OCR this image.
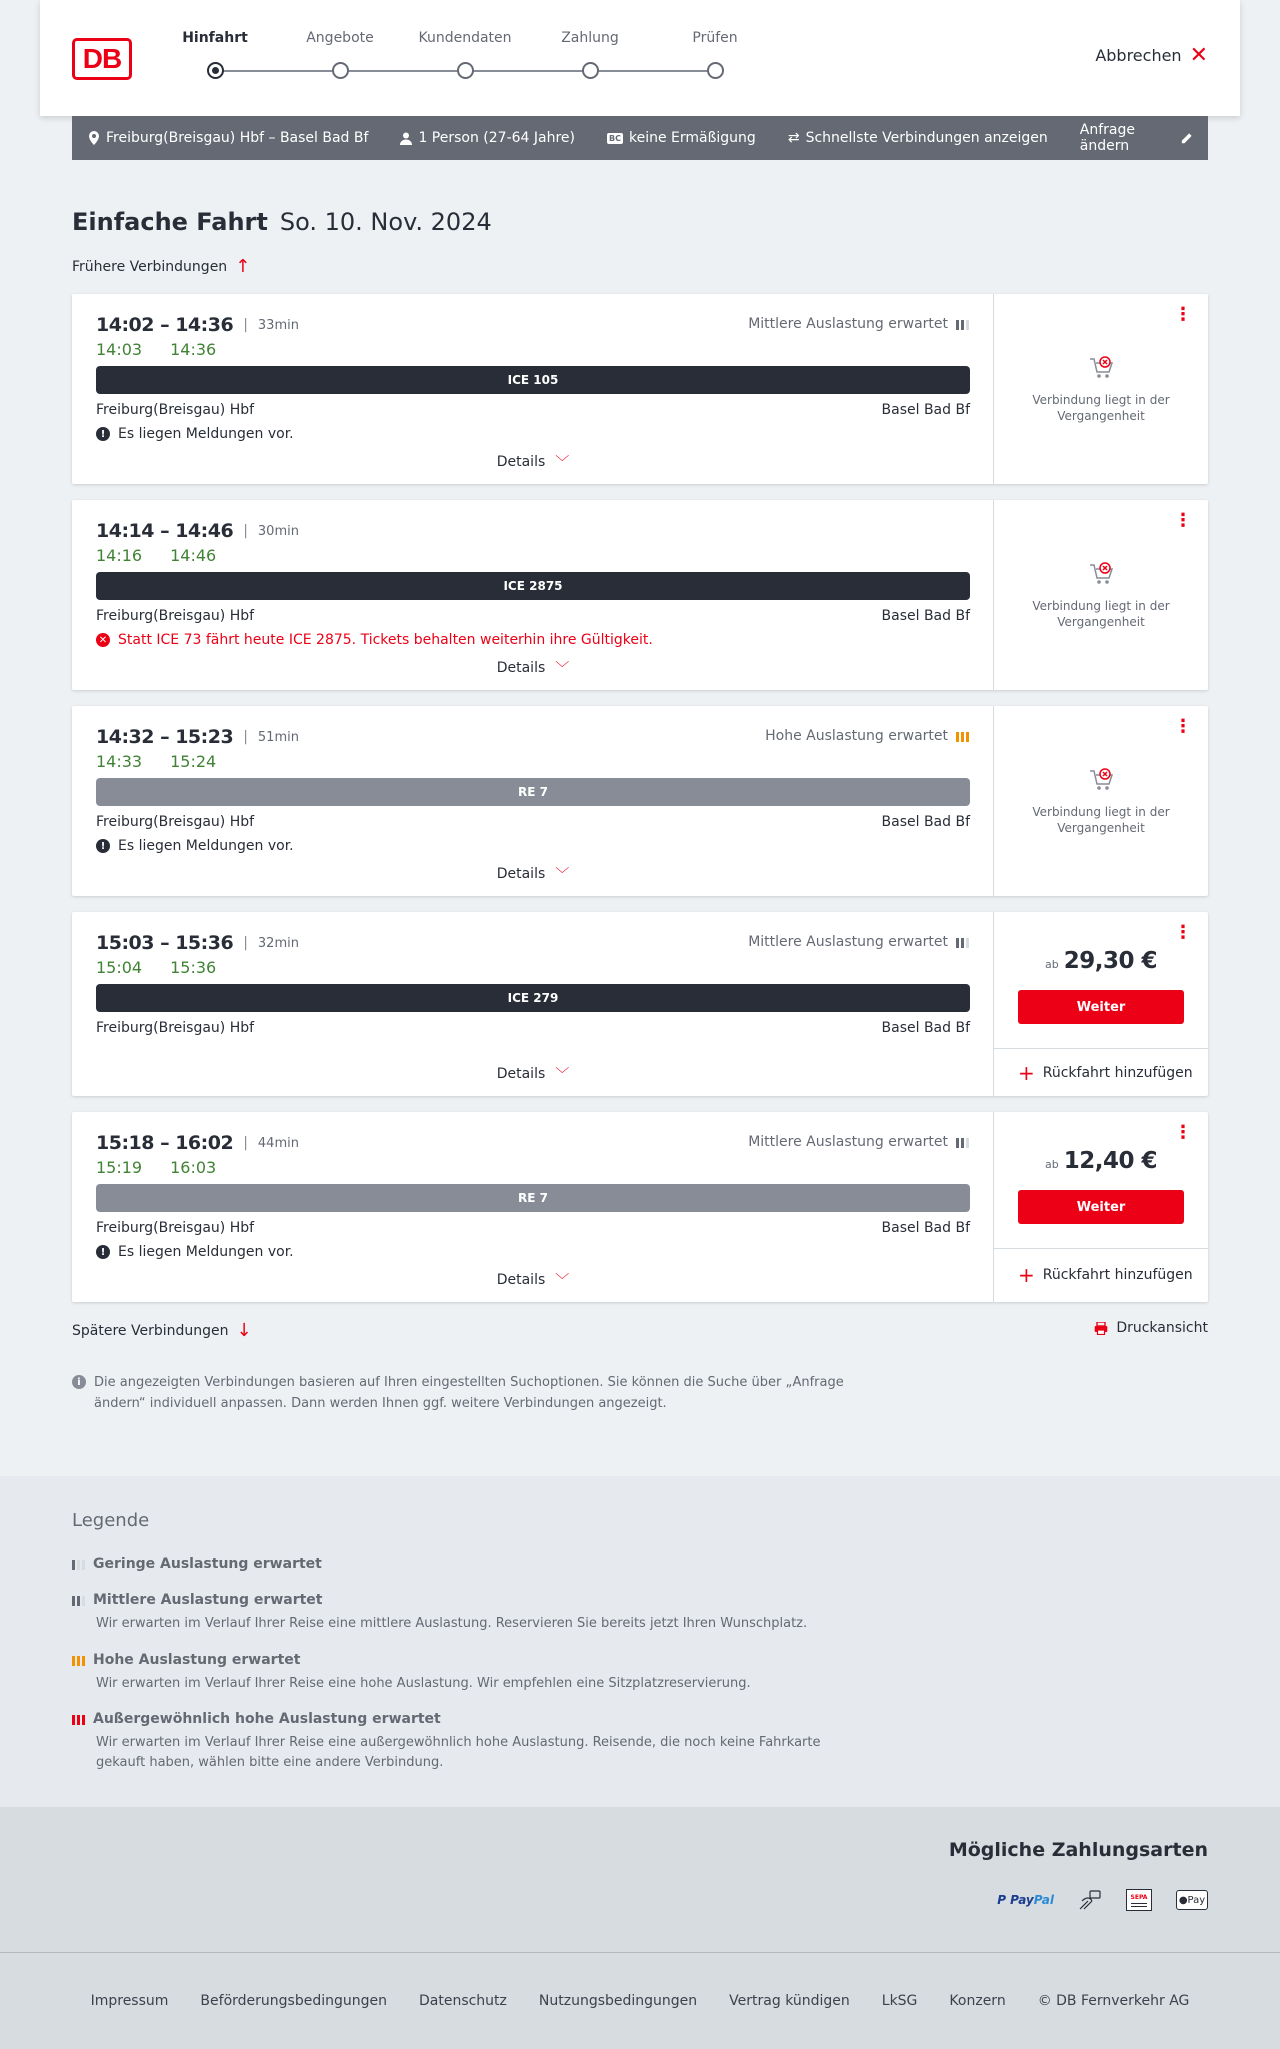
DB
Hinfahrt	Angebote	Kundendaten	Zahlung	Prüfen
Abbrechen ✕
Freiburg(Breisgau) Hbf – Basel Bad Bf	1 Person (27-64 Jahre)	BC keine Ermäßigung ⇄ Schnellste Verbindungen anzeigen Anfrage ändern
Einfache Fahrt So. 10. Nov. 2024
Frühere Verbindungen ↑
14:02 – 14:36 | 33min
14:03 14:36
Mittlere Auslastung erwartet
ICE 105
Freiburg(Breisgau) Hbf	Basel Bad Bf
! Es liegen Meldungen vor.
Details ﹀
⋮
Verbindung liegt in der
Vergangenheit
14:14 – 14:46 | 30min
14:16 14:46
ICE 2875
Freiburg(Breisgau) Hbf	Basel Bad Bf
✕ Statt ICE 73 fährt heute ICE 2875. Tickets behalten weiterhin ihre Gültigkeit.
Details ﹀
⋮
Verbindung liegt in der
Vergangenheit
14:32 – 15:23 | 51min
14:33 15:24
Hohe Auslastung erwartet
RE 7
Freiburg(Breisgau) Hbf	Basel Bad Bf
! Es liegen Meldungen vor.
Details ﹀
⋮
Verbindung liegt in der
Vergangenheit
15:03 – 15:36 | 32min
15:04 15:36
Mittlere Auslastung erwartet
ICE 279
Freiburg(Breisgau) Hbf	Basel Bad Bf
Details ﹀
⋮
ab 29,30 €
Weiter
+ Rückfahrt hinzufügen
15:18 – 16:02 | 44min
15:19 16:03
Mittlere Auslastung erwartet
RE 7
Freiburg(Breisgau) Hbf	Basel Bad Bf
! Es liegen Meldungen vor.
Details ﹀
⋮
ab 12,40 €
Weiter
+ Rückfahrt hinzufügen
Spätere Verbindungen ↓	Druckansicht
i	Die angezeigten Verbindungen basieren auf Ihren eingestellten Suchoptionen. Sie können die Suche über „Anfrage ändern“ individuell anpassen. Dann werden Ihnen ggf. weitere Verbindungen angezeigt.
Legende
Geringe Auslastung erwartet
Mittlere Auslastung erwartet
Wir erwarten im Verlauf Ihrer Reise eine mittlere Auslastung. Reservieren Sie bereits jetzt Ihren Wunschplatz.
Hohe Auslastung erwartet
Wir erwarten im Verlauf Ihrer Reise eine hohe Auslastung. Wir empfehlen eine Sitzplatzreservierung.
Außergewöhnlich hohe Auslastung erwartet
Wir erwarten im Verlauf Ihrer Reise eine außergewöhnlich hohe Auslastung. Reisende, die noch keine Fahrkarte gekauft haben, wählen bitte eine andere Verbindung.
Mögliche Zahlungsarten
P Pay Pal	SEPA	● Pay
Impressum Beförderungsbedingungen Datenschutz Nutzungsbedingungen Vertrag kündigen LkSG Konzern © DB Fernverkehr AG
